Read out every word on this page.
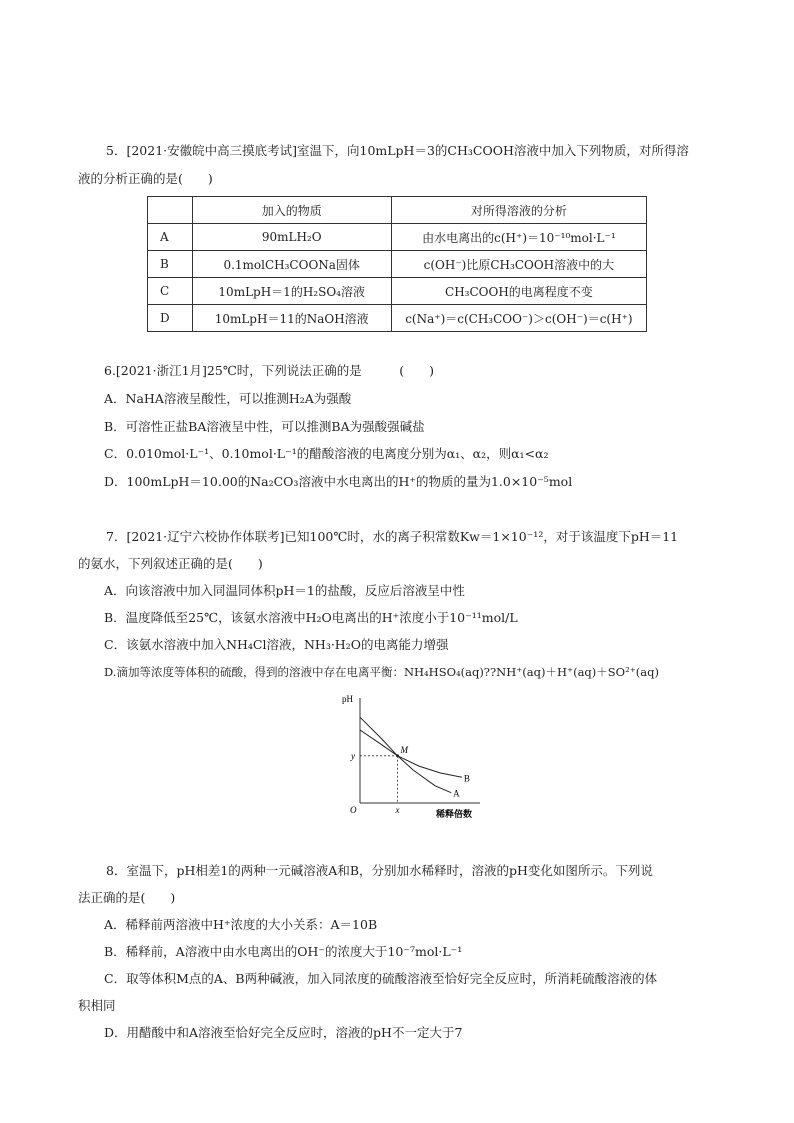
5．[2021·安徽皖中高三摸底考试]室温下，向10mLpH＝3的CH₃COOH溶液中加入下列物质，对所得溶
液的分析正确的是(　　)
	加入的物质	对所得溶液的分析
A	90mLH₂O	由水电离出的c(H⁺)＝10⁻¹⁰mol·L⁻¹
B	0.1molCH₃COONa固体	c(OH⁻)比原CH₃COOH溶液中的大
C	10mLpH＝1的H₂SO₄溶液	CH₃COOH的电离程度不变
D	10mLpH＝11的NaOH溶液	c(Na⁺)＝c(CH₃COO⁻)＞c(OH⁻)＝c(H⁺)
6.[2021·浙江1月]25℃时，下列说法正确的是　　　(　　)
A．NaHA溶液呈酸性，可以推测H₂A为强酸
B．可溶性正盐BA溶液呈中性，可以推测BA为强酸强碱盐
C．0.010mol·L⁻¹、0.10mol·L⁻¹的醋酸溶液的电离度分别为α₁、α₂，则α₁<α₂
D．100mLpH＝10.00的Na₂CO₃溶液中水电离出的H⁺的物质的量为1.0×10⁻⁵mol
7．[2021·辽宁六校协作体联考]已知100℃时，水的离子积常数Kw＝1×10⁻¹²，对于该温度下pH＝11
的氨水，下列叙述正确的是(　　)
A．向该溶液中加入同温同体积pH＝1的盐酸，反应后溶液呈中性
B．温度降低至25℃，该氨水溶液中H₂O电离出的H⁺浓度小于10⁻¹¹mol/L
C．该氨水溶液中加入NH₄Cl溶液，NH₃·H₂O的电离能力增强
D.滴加等浓度等体积的硫酸，得到的溶液中存在电离平衡：NH₄HSO₄(aq)??NH⁺(aq)＋H⁺(aq)＋SO²⁺(aq)
pH
稀释倍数
O
A
B
M
y
x
8．室温下，pH相差1的两种一元碱溶液A和B，分别加水稀释时，溶液的pH变化如图所示。下列说
法正确的是(　　)
A．稀释前两溶液中H⁺浓度的大小关系：A＝10B
B．稀释前，A溶液中由水电离出的OH⁻的浓度大于10⁻⁷mol·L⁻¹
C．取等体积M点的A、B两种碱液，加入同浓度的硫酸溶液至恰好完全反应时，所消耗硫酸溶液的体
积相同
D．用醋酸中和A溶液至恰好完全反应时，溶液的pH不一定大于7
